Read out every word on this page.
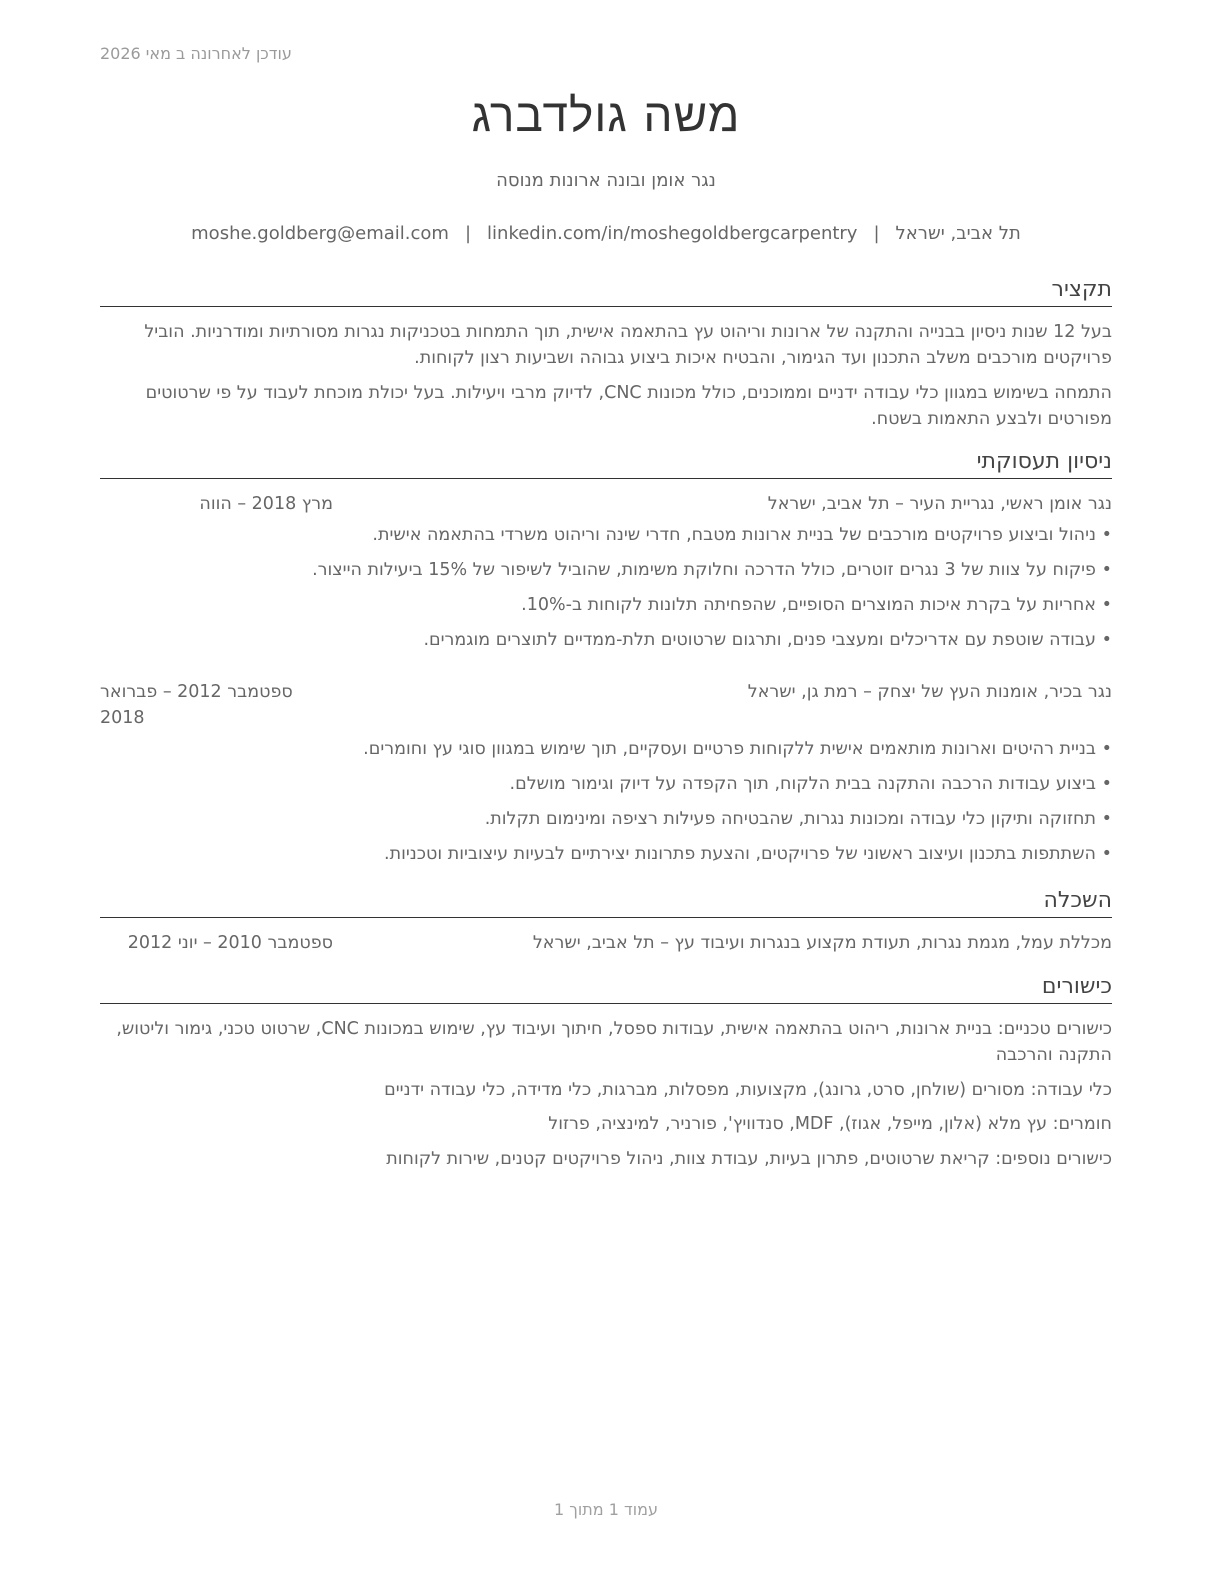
עודכן לאחרונה ב מאי 2026
משה גולדברג
נגר אומן ובונה ארונות מנוסה
תל אביב, ישראל|moshe.goldberg@email.com | linkedin.com/in/moshegoldbergcarpentry
תקציר
בעל 12 שנות ניסיון בבנייה והתקנה של ארונות וריהוט עץ בהתאמה אישית, תוך התמחות בטכניקות נגרות מסורתיות ומודרניות. הוביל פרויקטים מורכבים משלב התכנון ועד הגימור, והבטיח איכות ביצוע גבוהה ושביעות רצון לקוחות.
התמחה בשימוש במגוון כלי עבודה ידניים וממוכנים, כולל מכונות CNC, לדיוק מרבי ויעילות. בעל יכולת מוכחת לעבוד על פי שרטוטים מפורטים ולבצע התאמות בשטח.
ניסיון תעסוקתי
נגר אומן ראשי, נגריית העיר – תל אביב, ישראל
מרץ 2018 – הווה
• ניהול וביצוע פרויקטים מורכבים של בניית ארונות מטבח, חדרי שינה וריהוט משרדי בהתאמה אישית.
• פיקוח על צוות של 3 נגרים זוטרים, כולל הדרכה וחלוקת משימות, שהוביל לשיפור של 15% ביעילות הייצור.
• אחריות על בקרת איכות המוצרים הסופיים, שהפחיתה תלונות לקוחות ב-10%.
• עבודה שוטפת עם אדריכלים ומעצבי פנים, ותרגום שרטוטים תלת-ממדיים לתוצרים מוגמרים.
נגר בכיר, אומנות העץ של יצחק – רמת גן, ישראל
ספטמבר 2012 – פברואר 2018
• בניית רהיטים וארונות מותאמים אישית ללקוחות פרטיים ועסקיים, תוך שימוש במגוון סוגי עץ וחומרים.
• ביצוע עבודות הרכבה והתקנה בבית הלקוח, תוך הקפדה על דיוק וגימור מושלם.
• תחזוקה ותיקון כלי עבודה ומכונות נגרות, שהבטיחה פעילות רציפה ומינימום תקלות.
• השתתפות בתכנון ועיצוב ראשוני של פרויקטים, והצעת פתרונות יצירתיים לבעיות עיצוביות וטכניות.
השכלה
מכללת עמל, מגמת נגרות, תעודת מקצוע בנגרות ועיבוד עץ – תל אביב, ישראל
ספטמבר 2010 – יוני 2012
כישורים
כישורים טכניים: בניית ארונות, ריהוט בהתאמה אישית, עבודות ספסל, חיתוך ועיבוד עץ, שימוש במכונות CNC, שרטוט טכני, גימור וליטוש, התקנה והרכבה
כלי עבודה: מסורים (שולחן, סרט, גרונג), מקצועות, מפסלות, מברגות, כלי מדידה, כלי עבודה ידניים
חומרים: עץ מלא (אלון, מייפל, אגוז), MDF, סנדוויץ', פורניר, למינציה, פרזול
כישורים נוספים: קריאת שרטוטים, פתרון בעיות, עבודת צוות, ניהול פרויקטים קטנים, שירות לקוחות
עמוד 1 מתוך 1
